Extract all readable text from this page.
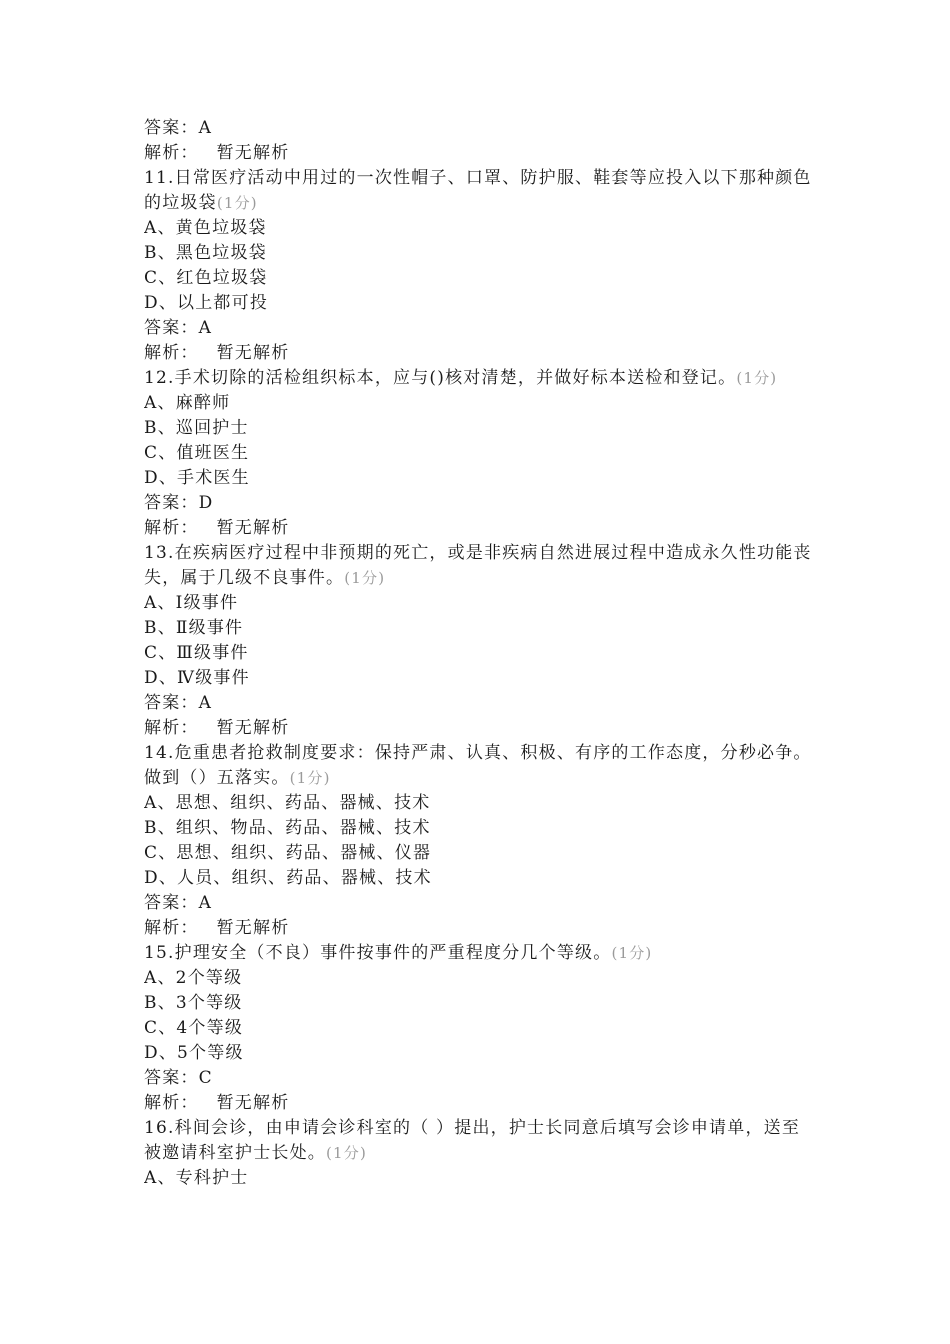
答案：A
解析： 暂无解析
11.日常医疗活动中用过的一次性帽子、口罩、防护服、鞋套等应投入以下那种颜色的垃圾袋(1分)
A、黄色垃圾袋
B、黑色垃圾袋
C、红色垃圾袋
D、以上都可投
答案：A
解析： 暂无解析
12.手术切除的活检组织标本，应与()核对清楚，并做好标本送检和登记。(1分)
A、麻醉师
B、巡回护士
C、值班医生
D、手术医生
答案：D
解析： 暂无解析
13.在疾病医疗过程中非预期的死亡，或是非疾病自然进展过程中造成永久性功能丧失，属于几级不良事件。(1分)
A、Ⅰ级事件
B、Ⅱ级事件
C、Ⅲ级事件
D、Ⅳ级事件
答案：A
解析： 暂无解析
14.危重患者抢救制度要求：保持严肃、认真、积极、有序的工作态度，分秒必争。做到（）五落实。(1分)
A、思想、组织、药品、器械、技术
B、组织、物品、药品、器械、技术
C、思想、组织、药品、器械、仪器
D、人员、组织、药品、器械、技术
答案：A
解析： 暂无解析
15.护理安全（不良）事件按事件的严重程度分几个等级。(1分)
A、2个等级
B、3个等级
C、4个等级
D、5个等级
答案：C
解析： 暂无解析
16.科间会诊，由申请会诊科室的（ ）提出，护士长同意后填写会诊申请单，送至被邀请科室护士长处。(1分)
A、专科护士
